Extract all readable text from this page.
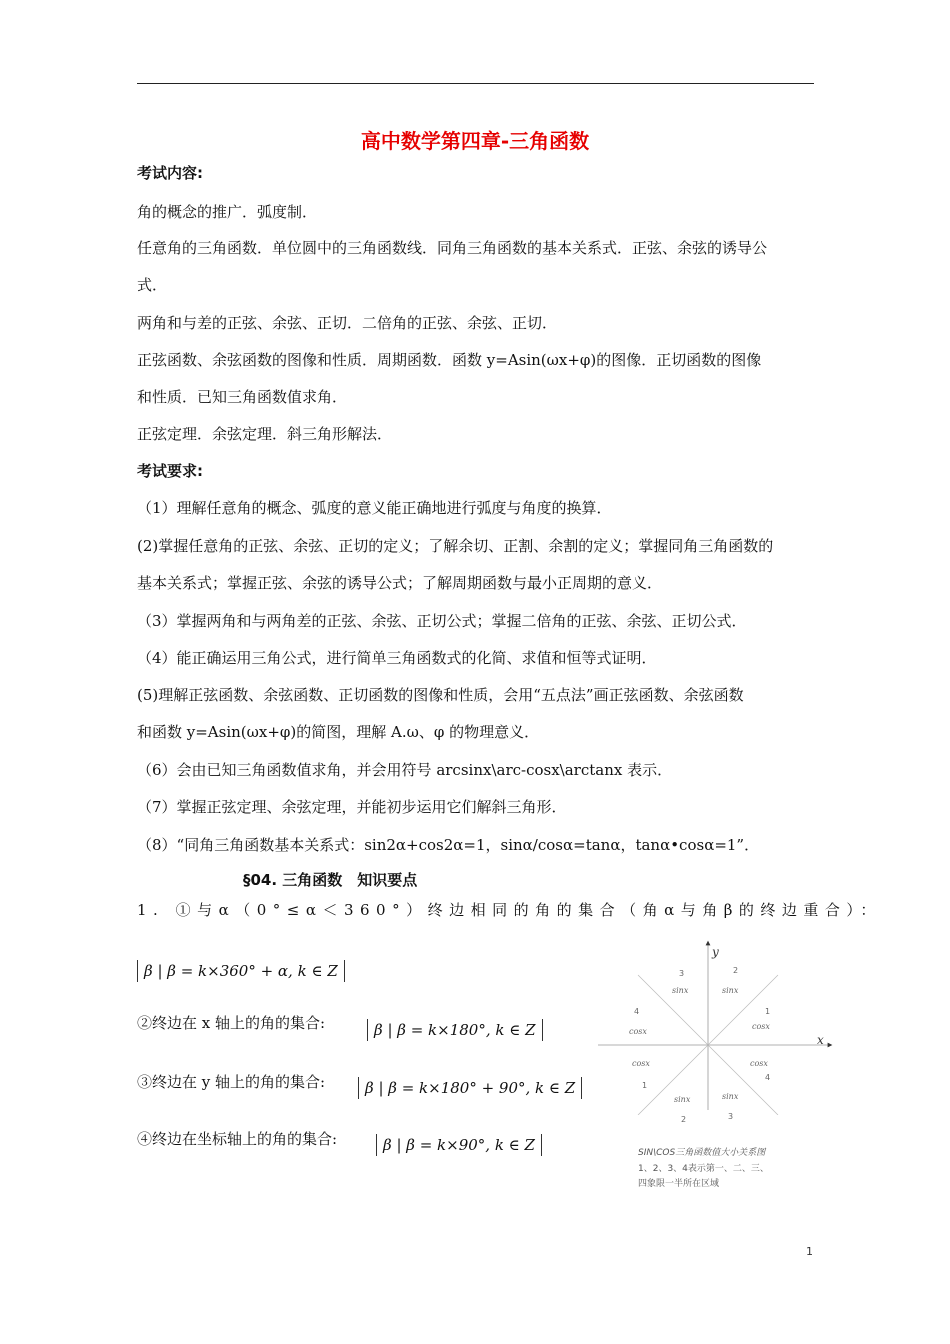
高中数学第四章-三角函数
考试内容:
角的概念的推广．弧度制．
任意角的三角函数．单位圆中的三角函数线．同角三角函数的基本关系式．正弦、余弦的诱导公
式．
两角和与差的正弦、余弦、正切．二倍角的正弦、余弦、正切．
正弦函数、余弦函数的图像和性质．周期函数．函数 y=Asin(ωx+φ)的图像．正切函数的图像
和性质．已知三角函数值求角．
正弦定理．余弦定理．斜三角形解法．
考试要求:
（1）理解任意角的概念、弧度的意义能正确地进行弧度与角度的换算．
(2)掌握任意角的正弦、余弦、正切的定义；了解余切、正割、余割的定义；掌握同角三角函数的
基本关系式；掌握正弦、余弦的诱导公式；了解周期函数与最小正周期的意义．
（3）掌握两角和与两角差的正弦、余弦、正切公式；掌握二倍角的正弦、余弦、正切公式．
（4）能正确运用三角公式，进行简单三角函数式的化简、求值和恒等式证明．
(5)理解正弦函数、余弦函数、正切函数的图像和性质，会用“五点法”画正弦函数、余弦函数
和函数 y=Asin(ωx+φ)的简图，理解 A.ω、φ 的物理意义．
（6）会由已知三角函数值求角，并会用符号 arcsinx\arc-cosx\arctanx 表示．
（7）掌握正弦定理、余弦定理，并能初步运用它们解斜三角形．
（8）“同角三角函数基本关系式：sin2α+cos2α=1，sinα/cosα=tanα，tanα•cosα=1”．
§04. 三角函数　知识要点
1. ①与α（0°≤α＜360°）终边相同的角的集合（角α与角β的终边重合）：
β | β = k×360° + α, k ∈ Z
②终边在 x 轴上的角的集合:	β | β = k×180°, k ∈ Z
③终边在 y 轴上的角的集合:	β | β = k×180° + 90°, k ∈ Z
④终边在坐标轴上的角的集合:	β | β = k×90°, k ∈ Z
y
x
3	2
4	1
1
4
2	3
sinx	sinx
cosx
cosx
cosx	cosx
sinx	sinx
SIN\COS三角函数值大小关系图
1、2、3、4表示第一、二、三、
四象限一半所在区域
1
